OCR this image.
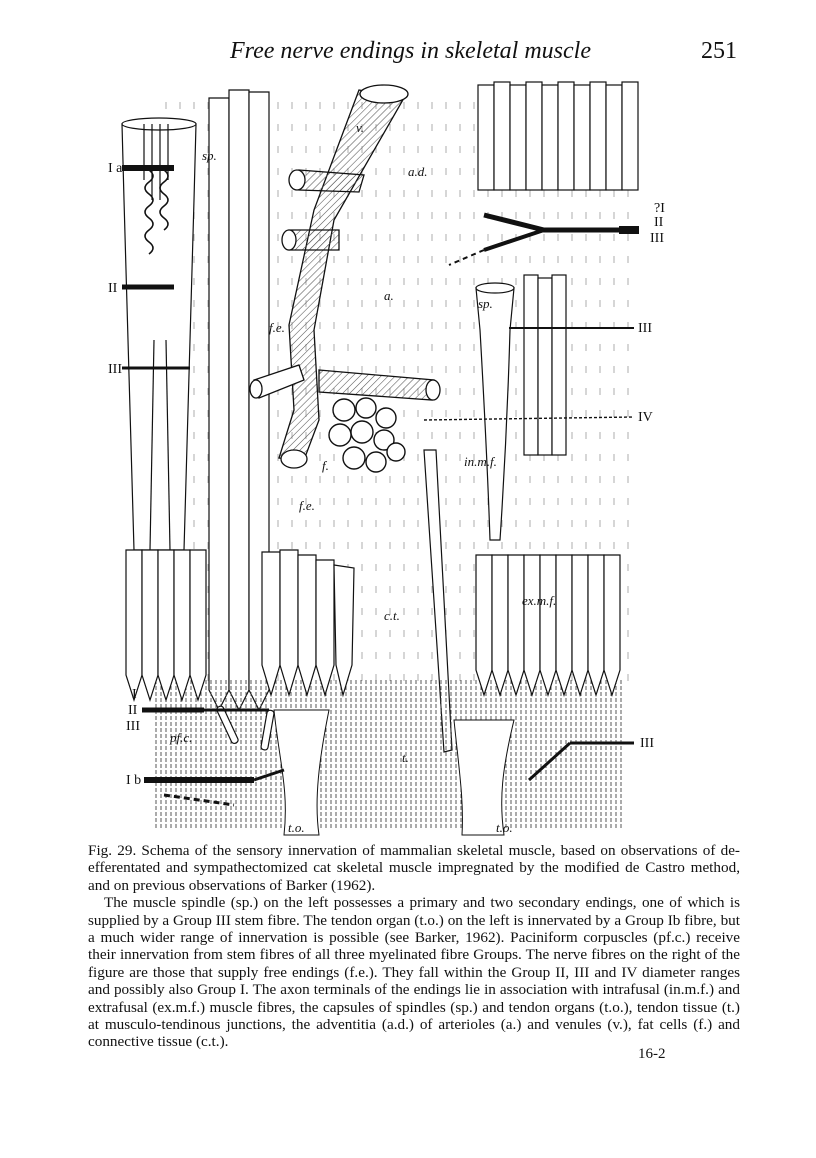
Free nerve endings in skeletal muscle	251
I a
sp.
II
III
v.
a.d.
a.
f.e.
f.e.
f.
c.t.
t.
sp.
?I
II
III
III
IV
in.m.f.
ex.m.f.
I
II
III
pf.c.
I b
t.o.	t.o.
III

Fig. 29. Schema of the sensory innervation of mammalian skeletal muscle, based on observations of de-efferentated and sympathectomized cat skeletal muscle impregnated by the modified de Castro method, and on previous observations of Barker (1962).

The muscle spindle (sp.) on the left possesses a primary and two secondary endings, one of which is supplied by a Group III stem fibre. The tendon organ (t.o.) on the left is innervated by a Group Ib fibre, but a much wider range of innervation is possible (see Barker, 1962). Paciniform corpuscles (pf.c.) receive their innervation from stem fibres of all three myelinated fibre Groups. The nerve fibres on the right of the figure are those that supply free endings (f.e.). They fall within the Group II, III and IV diameter ranges and possibly also Group I. The axon terminals of the endings lie in association with intrafusal (in.m.f.) and extrafusal (ex.m.f.) muscle fibres, the capsules of spindles (sp.) and tendon organs (t.o.), tendon tissue (t.) at musculo-tendinous junctions, the adventitia (a.d.) of arterioles (a.) and venules (v.), fat cells (f.) and connective tissue (c.t.).

16-2
